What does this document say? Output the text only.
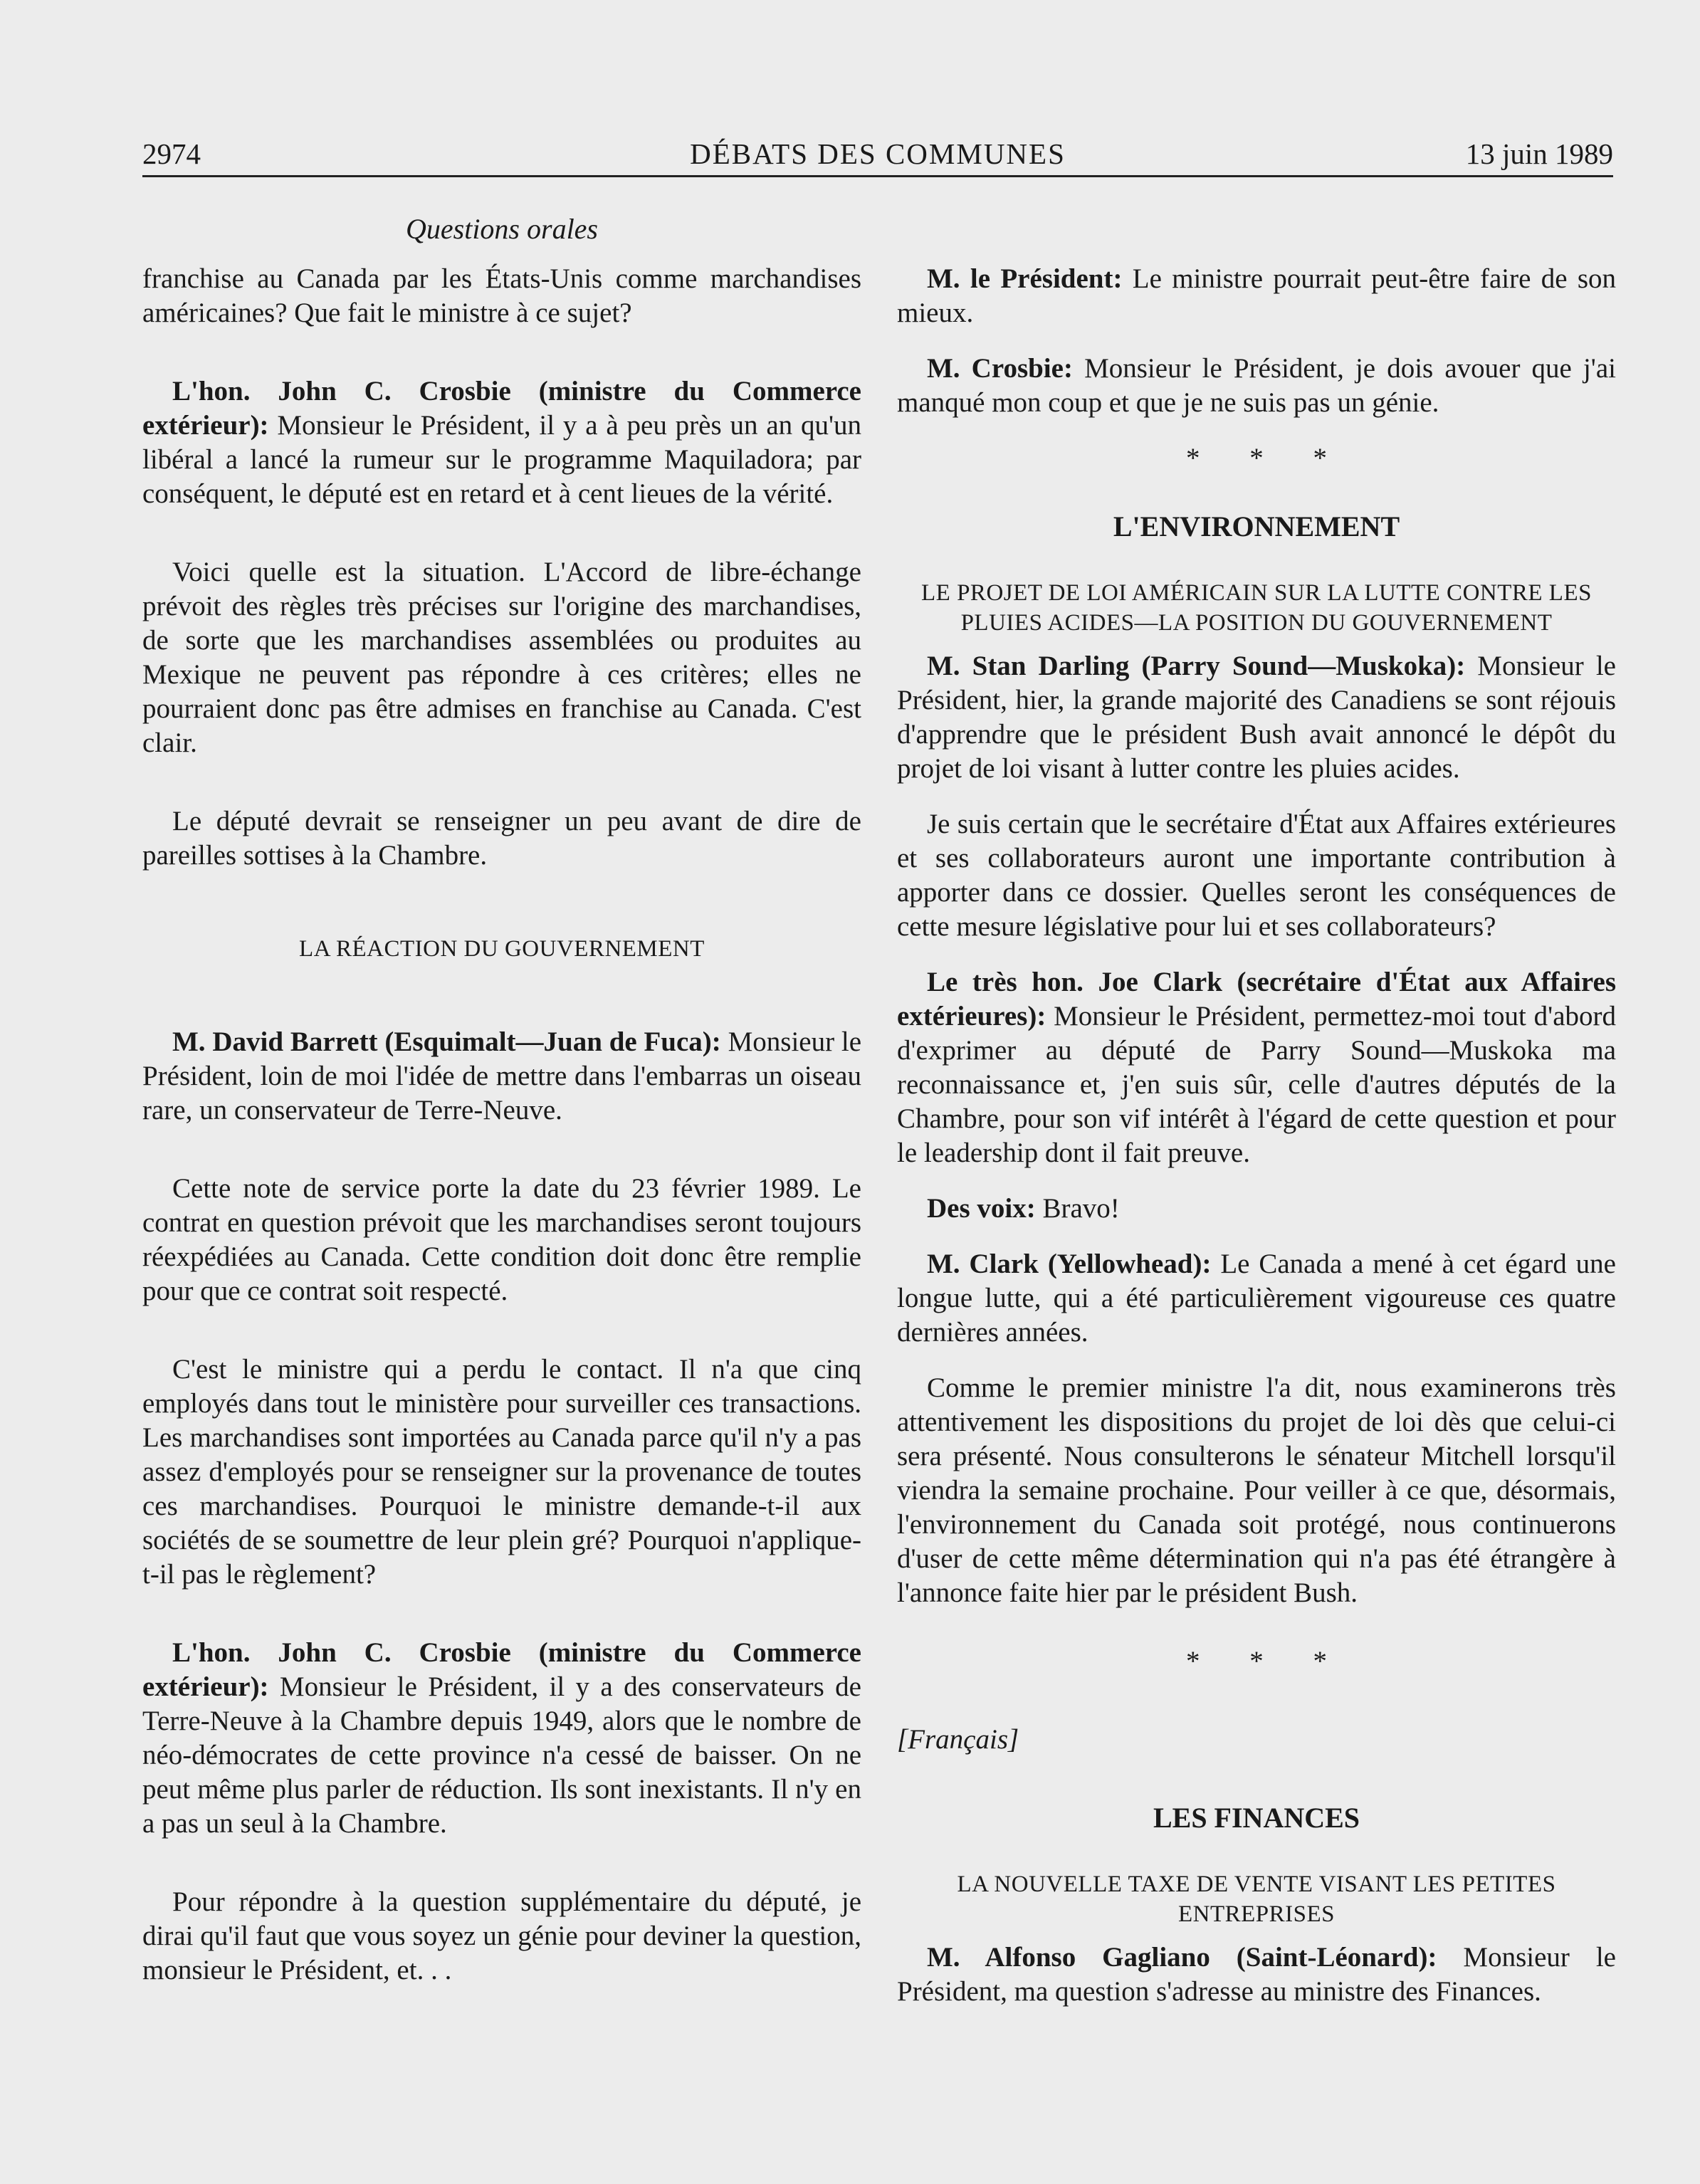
2974	DÉBATS DES COMMUNES	13 juin 1989
Questions orales

franchise au Canada par les États-Unis comme marchandises américaines? Que fait le ministre à ce sujet?

L'hon. John C. Crosbie (ministre du Commerce extérieur): Monsieur le Président, il y a à peu près un an qu'un libéral a lancé la rumeur sur le programme Maquiladora; par conséquent, le député est en retard et à cent lieues de la vérité.

Voici quelle est la situation. L'Accord de libre-échange prévoit des règles très précises sur l'origine des marchandises, de sorte que les marchandises assemblées ou produites au Mexique ne peuvent pas répondre à ces critères; elles ne pourraient donc pas être admises en franchise au Canada. C'est clair.

Le député devrait se renseigner un peu avant de dire de pareilles sottises à la Chambre.

LA RÉACTION DU GOUVERNEMENT

M. David Barrett (Esquimalt—Juan de Fuca): Monsieur le Président, loin de moi l'idée de mettre dans l'embarras un oiseau rare, un conservateur de Terre-Neuve.

Cette note de service porte la date du 23 février 1989. Le contrat en question prévoit que les marchandises seront toujours réexpédiées au Canada. Cette condition doit donc être remplie pour que ce contrat soit respecté.

C'est le ministre qui a perdu le contact. Il n'a que cinq employés dans tout le ministère pour surveiller ces transactions. Les marchandises sont importées au Canada parce qu'il n'y a pas assez d'employés pour se renseigner sur la provenance de toutes ces marchandises. Pourquoi le ministre demande-t-il aux sociétés de se soumettre de leur plein gré? Pourquoi n'applique-t-il pas le règlement?

L'hon. John C. Crosbie (ministre du Commerce extérieur): Monsieur le Président, il y a des conservateurs de Terre-Neuve à la Chambre depuis 1949, alors que le nombre de néo-démocrates de cette province n'a cessé de baisser. On ne peut même plus parler de réduction. Ils sont inexistants. Il n'y en a pas un seul à la Chambre.

Pour répondre à la question supplémentaire du député, je dirai qu'il faut que vous soyez un génie pour deviner la question, monsieur le Président, et. . .

M. le Président: Le ministre pourrait peut-être faire de son mieux.

M. Crosbie: Monsieur le Président, je dois avouer que j'ai manqué mon coup et que je ne suis pas un génie.

* * *

L'ENVIRONNEMENT

LE PROJET DE LOI AMÉRICAIN SUR LA LUTTE CONTRE LES PLUIES ACIDES—LA POSITION DU GOUVERNEMENT

M. Stan Darling (Parry Sound—Muskoka): Monsieur le Président, hier, la grande majorité des Canadiens se sont réjouis d'apprendre que le président Bush avait annoncé le dépôt du projet de loi visant à lutter contre les pluies acides.

Je suis certain que le secrétaire d'État aux Affaires extérieures et ses collaborateurs auront une importante contribution à apporter dans ce dossier. Quelles seront les conséquences de cette mesure législative pour lui et ses collaborateurs?

Le très hon. Joe Clark (secrétaire d'État aux Affaires extérieures): Monsieur le Président, permettez-moi tout d'abord d'exprimer au député de Parry Sound—Muskoka ma reconnaissance et, j'en suis sûr, celle d'autres députés de la Chambre, pour son vif intérêt à l'égard de cette question et pour le leadership dont il fait preuve.

Des voix: Bravo!

M. Clark (Yellowhead): Le Canada a mené à cet égard une longue lutte, qui a été particulièrement vigoureuse ces quatre dernières années.

Comme le premier ministre l'a dit, nous examinerons très attentivement les dispositions du projet de loi dès que celui-ci sera présenté. Nous consulterons le sénateur Mitchell lorsqu'il viendra la semaine prochaine. Pour veiller à ce que, désormais, l'environnement du Canada soit protégé, nous continuerons d'user de cette même détermination qui n'a pas été étrangère à l'annonce faite hier par le président Bush.

* * *

[Français]

LES FINANCES

LA NOUVELLE TAXE DE VENTE VISANT LES PETITES ENTREPRISES

M. Alfonso Gagliano (Saint-Léonard): Monsieur le Président, ma question s'adresse au ministre des Finances.
